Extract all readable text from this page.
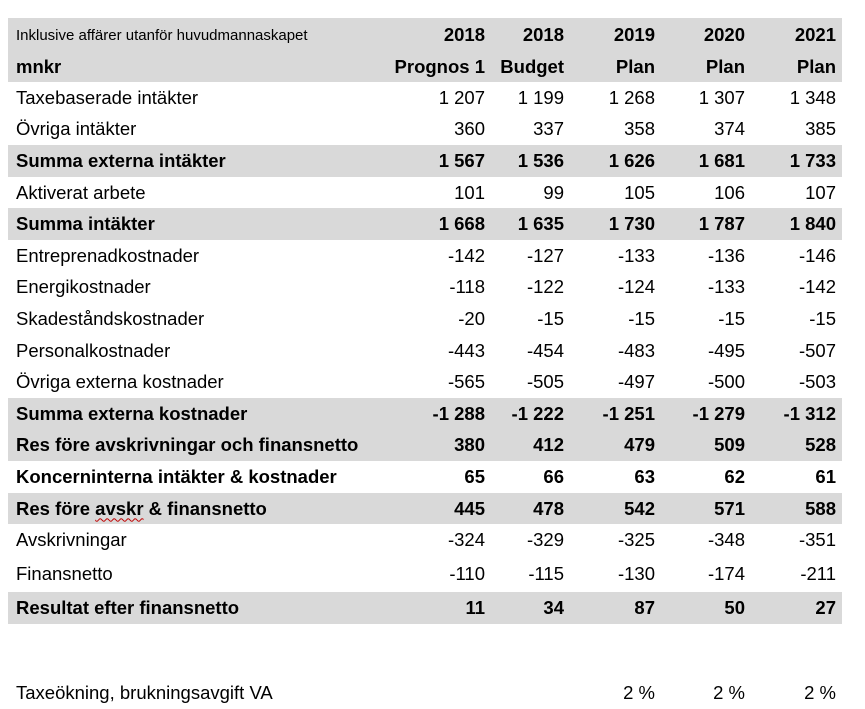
Inklusive affärer utanför huvudmannaskapet	2018	2018	2019	2020	2021
mnkr	Prognos 1	Budget	Plan	Plan	Plan
Taxebaserade intäkter	1 207	1 199	1 268	1 307	1 348
Övriga intäkter	360	337	358	374	385
Summa externa intäkter	1 567	1 536	1 626	1 681	1 733
Aktiverat arbete	101	99	105	106	107
Summa intäkter	1 668	1 635	1 730	1 787	1 840
Entreprenadkostnader	-142	-127	-133	-136	-146
Energikostnader	-118	-122	-124	-133	-142
Skadeståndskostnader	-20	-15	-15	-15	-15
Personalkostnader	-443	-454	-483	-495	-507
Övriga externa kostnader	-565	-505	-497	-500	-503
Summa externa kostnader	-1 288	-1 222	-1 251	-1 279	-1 312
Res före avskrivningar och finansnetto	380	412	479	509	528
Koncerninterna intäkter & kostnader	65	66	63	62	61
Res före avskr & finansnetto	445	478	542	571	588
Avskrivningar	-324	-329	-325	-348	-351
Finansnetto	-110	-115	-130	-174	-211
Resultat efter finansnetto	11	34	87	50	27

Taxeökning, brukningsavgift VA			2 %	2 %	2 %
